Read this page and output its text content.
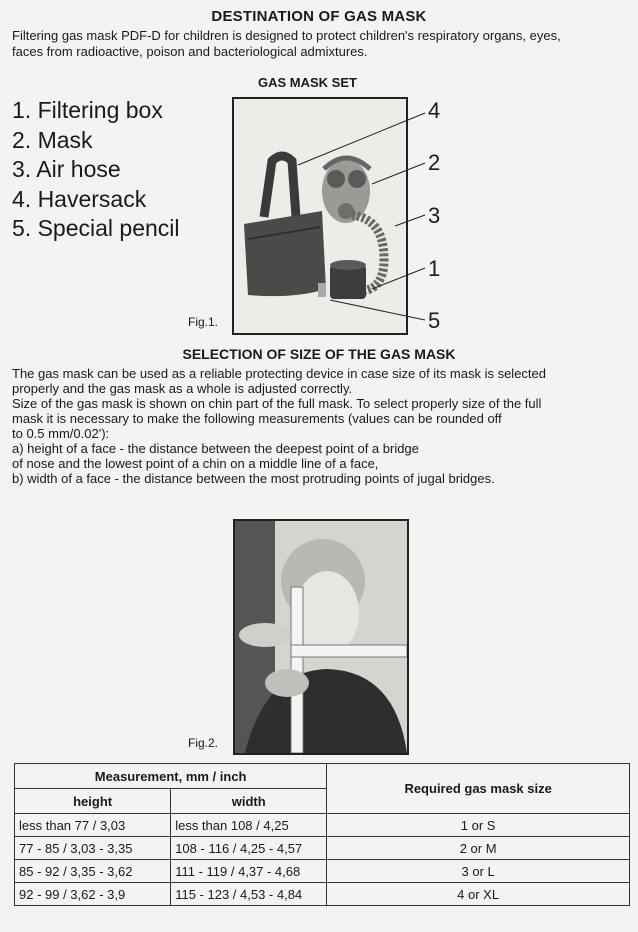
DESTINATION OF GAS MASK
Filtering gas mask PDF-D for children is designed to protect children's respiratory organs, eyes,
faces from radioactive, poison and bacteriological admixtures.
GAS MASK SET
1. Filtering box
2. Mask
3. Air hose
4. Haversack
5. Special pencil
4
2
3
1
5
Fig.1.
SELECTION OF SIZE OF THE GAS MASK
The gas mask can be used as a reliable protecting device in case size of its mask is selected
properly and the gas mask as a whole is adjusted correctly.
Size of the gas mask is shown on chin part of the full mask. To select properly size of the full
mask it is necessary to make the following measurements (values can be rounded off
to 0.5 mm/0.02'):
a) height of a face - the distance between the deepest point of a bridge
of nose and the lowest point of a chin on a middle line of a face,
b) width of a face - the distance between the most protruding points of jugal bridges.
Fig.2.
Measurement, mm / inch		Required gas mask size
height	width	
less than 77 / 3,03	less than 108 / 4,25	1 or S
77 - 85 / 3,03 - 3,35	108 - 116 / 4,25 - 4,57	2 or M
85 - 92 / 3,35 - 3,62	111 - 119 / 4,37 - 4,68	3 or L
92 - 99 / 3,62 - 3,9	115 - 123 / 4,53 - 4,84	4 or XL
